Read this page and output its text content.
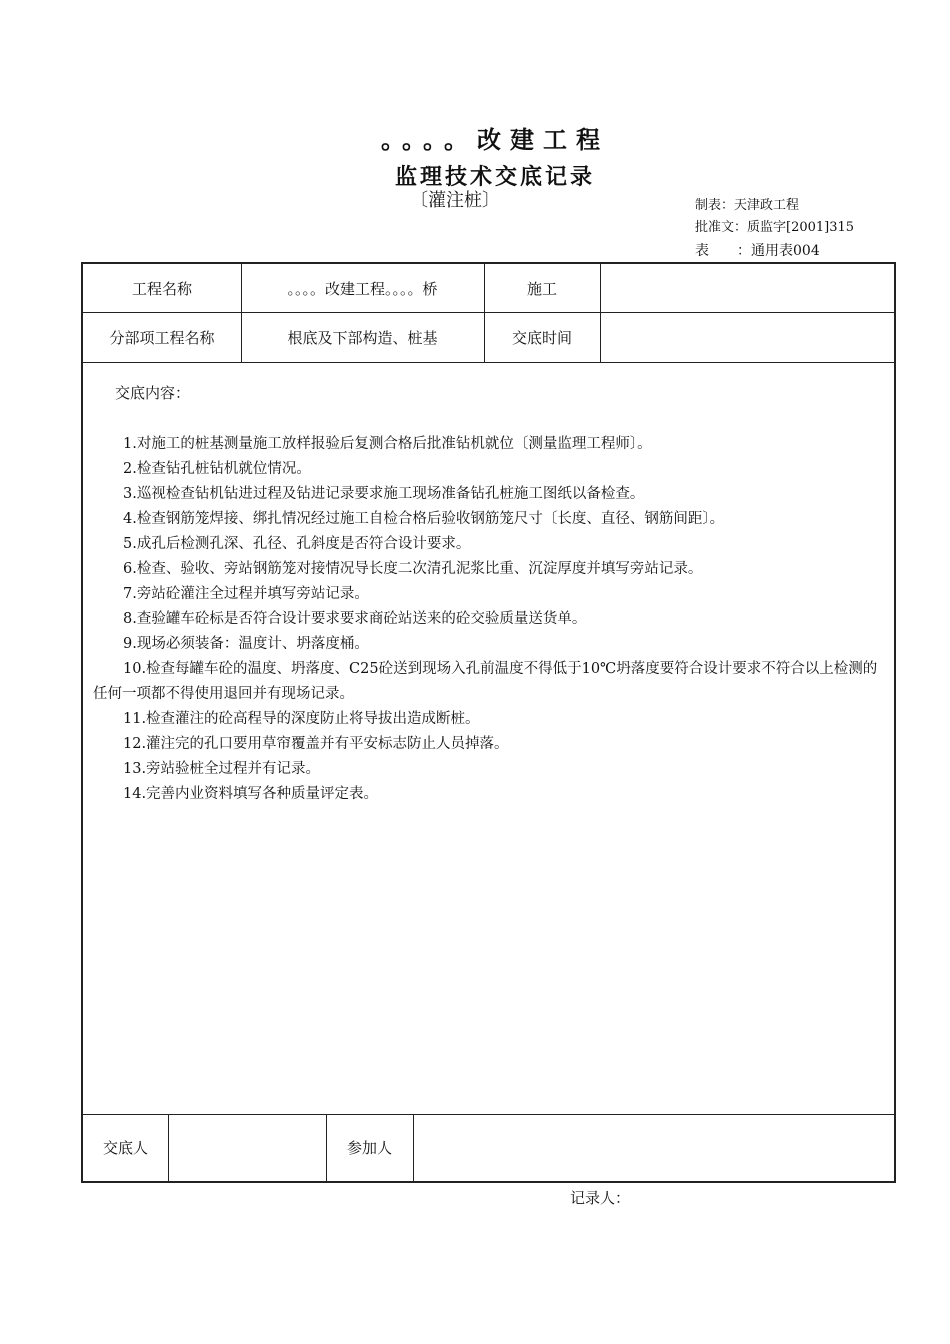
。。。。改建工程
监理技术交底记录
〔灌注桩〕	制表：天津政工程
批准文：质监字[2001]315
表　　：通用表004
工程名称	。。。。改建工程。。。。桥	施工
分部项工程名称	根底及下部构造、桩基	交底时间
交底内容：
1.对施工的桩基测量施工放样报验后复测合格后批准钻机就位〔测量监理工程师〕。
2.检查钻孔桩钻机就位情况。
3.巡视检查钻机钻进过程及钻进记录要求施工现场准备钻孔桩施工图纸以备检查。
4.检查钢筋笼焊接、绑扎情况经过施工自检合格后验收钢筋笼尺寸〔长度、直径、钢筋间距〕。
5.成孔后检测孔深、孔径、孔斜度是否符合设计要求。
6.检查、验收、旁站钢筋笼对接情况导长度二次清孔泥浆比重、沉淀厚度并填写旁站记录。
7.旁站砼灌注全过程并填写旁站记录。
8.查验罐车砼标是否符合设计要求要求商砼站送来的砼交验质量送货单。
9.现场必须装备：温度计、坍落度桶。
10.检查每罐车砼的温度、坍落度、C25砼送到现场入孔前温度不得低于10℃坍落度要符合设计要求不符合以上检测的任何一项都不得使用退回并有现场记录。
11.检查灌注的砼高程导的深度防止将导拔出造成断桩。
12.灌注完的孔口要用草帘覆盖并有平安标志防止人员掉落。
13.旁站验桩全过程并有记录。
14.完善内业资料填写各种质量评定表。
交底人	参加人
记录人：
